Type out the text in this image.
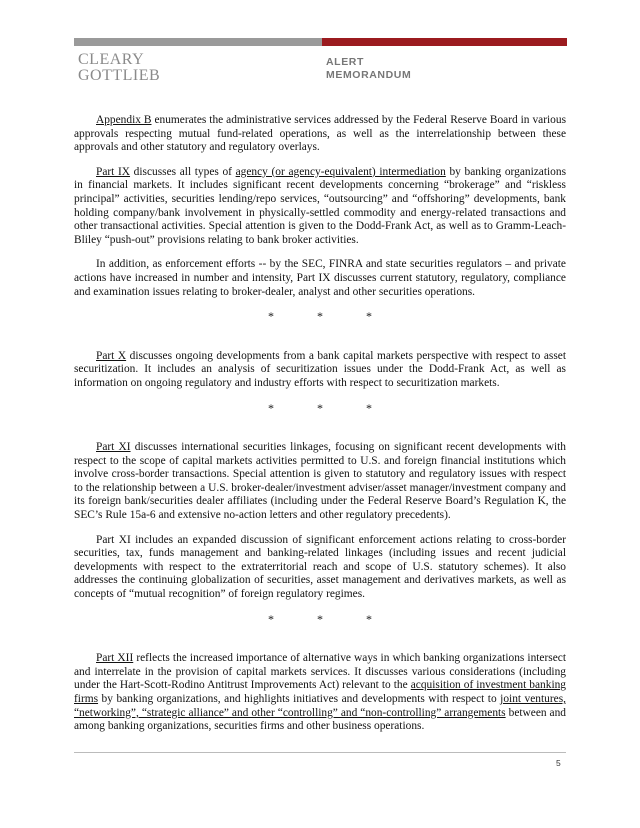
CLEARY
GOTTLIEB
ALERT
MEMORANDUM

Appendix B enumerates the administrative services addressed by the Federal Reserve Board in various approvals respecting mutual fund-related operations, as well as the interrelationship between these approvals and other statutory and regulatory overlays.

Part IX discusses all types of agency (or agency-equivalent) intermediation by banking organizations in financial markets. It includes significant recent developments concerning “brokerage” and “riskless principal” activities, securities lending/repo services, “outsourcing” and “offshoring” developments, bank holding company/bank involvement in physically-settled commodity and energy-related transactions and other transactional activities. Special attention is given to the Dodd-Frank Act, as well as to Gramm-Leach-Bliley “push-out” provisions relating to bank broker activities.

In addition, as enforcement efforts -- by the SEC, FINRA and state securities regulators – and private actions have increased in number and intensity, Part IX discusses current statutory, regulatory, compliance and examination issues relating to broker-dealer, analyst and other securities operations.

* * *

Part X discusses ongoing developments from a bank capital markets perspective with respect to asset securitization. It includes an analysis of securitization issues under the Dodd-Frank Act, as well as information on ongoing regulatory and industry efforts with respect to securitization markets.

* * *

Part XI discusses international securities linkages, focusing on significant recent developments with respect to the scope of capital markets activities permitted to U.S. and foreign financial institutions which involve cross-border transactions. Special attention is given to statutory and regulatory issues with respect to the relationship between a U.S. broker-dealer/investment adviser/asset manager/investment company and its foreign bank/securities dealer affiliates (including under the Federal Reserve Board’s Regulation K, the SEC’s Rule 15a-6 and extensive no-action letters and other regulatory precedents).

Part XI includes an expanded discussion of significant enforcement actions relating to cross-border securities, tax, funds management and banking-related linkages (including issues and recent judicial developments with respect to the extraterritorial reach and scope of U.S. statutory schemes). It also addresses the continuing globalization of securities, asset management and derivatives markets, as well as concepts of “mutual recognition” of foreign regulatory regimes.

* * *

Part XII reflects the increased importance of alternative ways in which banking organizations intersect and interrelate in the provision of capital markets services. It discusses various considerations (including under the Hart-Scott-Rodino Antitrust Improvements Act) relevant to the acquisition of investment banking firms by banking organizations, and highlights initiatives and developments with respect to joint ventures, “networking”, “strategic alliance” and other “controlling” and “non-controlling” arrangements between and among banking organizations, securities firms and other business operations.

5
